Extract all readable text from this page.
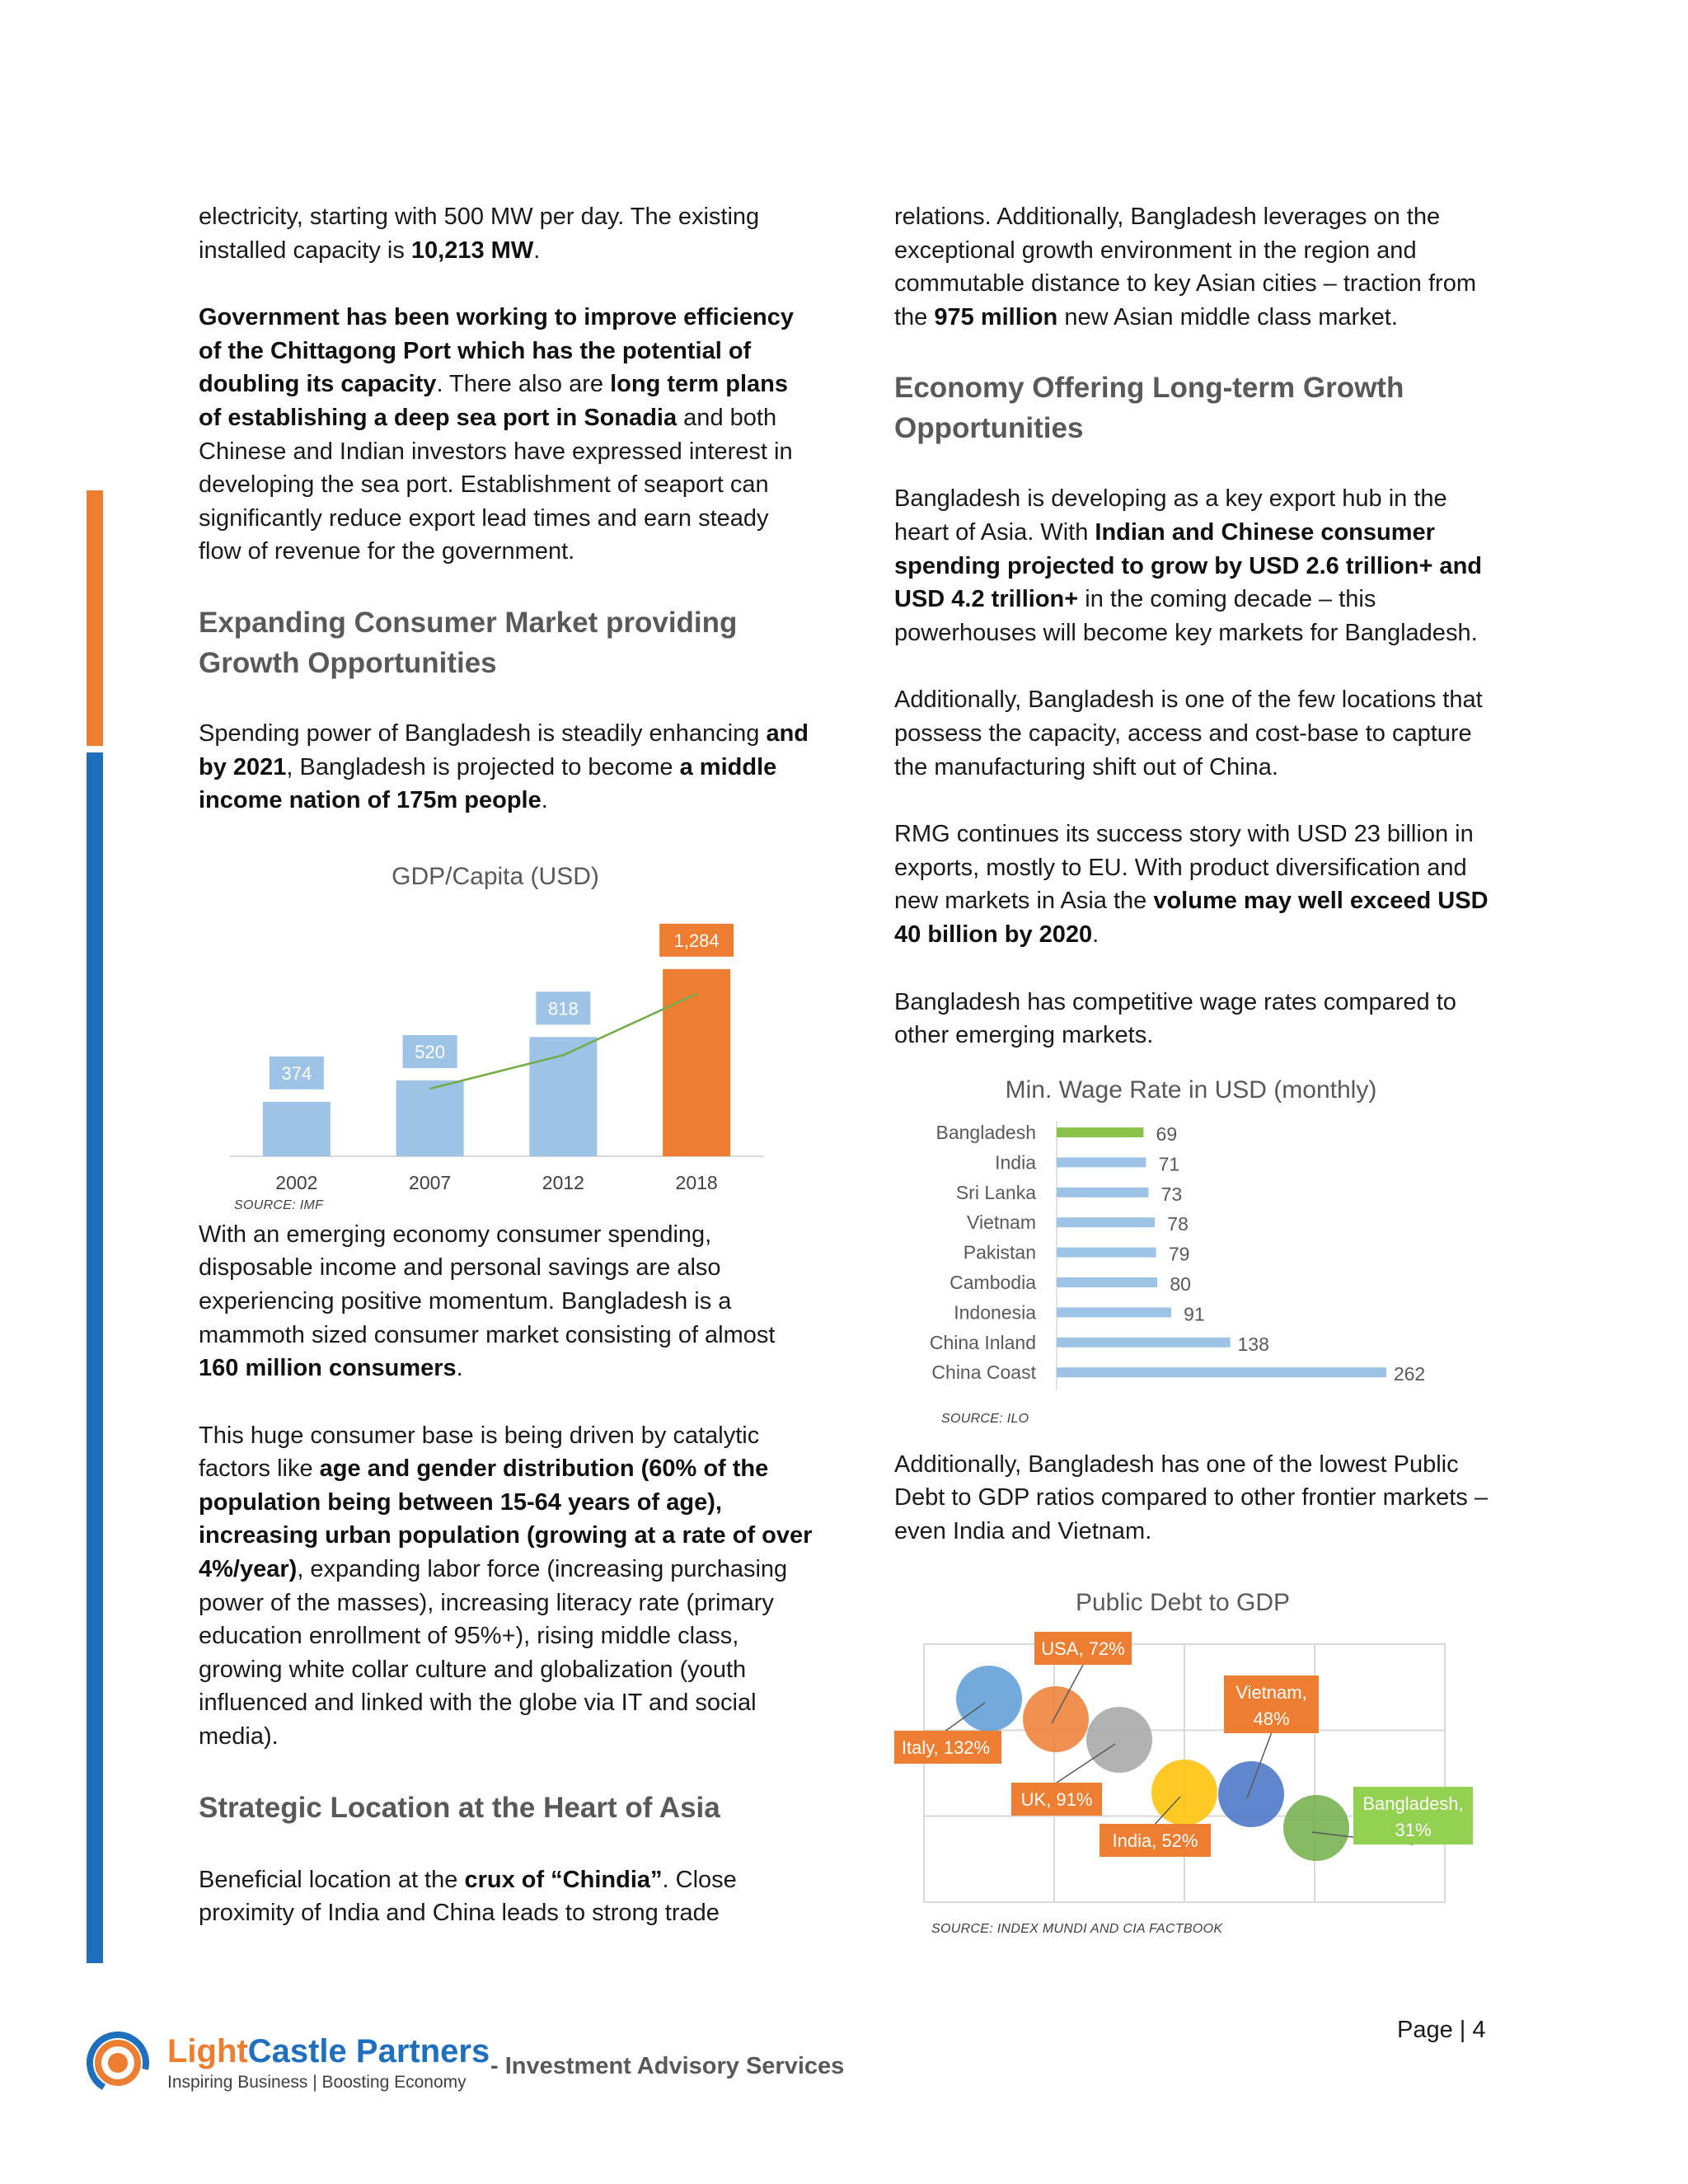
electricity, starting with 500 MW per day. The existing installed capacity is 10,213 MW.

Government has been working to improve efficiency of the Chittagong Port which has the potential of doubling its capacity. There also are long term plans of establishing a deep sea port in Sonadia and both Chinese and Indian investors have expressed interest in developing the sea port. Establishment of seaport can significantly reduce export lead times and earn steady flow of revenue for the government.

Expanding Consumer Market providing Growth Opportunities

Spending power of Bangladesh is steadily enhancing and by 2021, Bangladesh is projected to become a middle income nation of 175m people.

GDP/Capita (USD)
374
2002
520
2007
818
2012
1,284
2018
SOURCE: IMF

With an emerging economy consumer spending, disposable income and personal savings are also experiencing positive momentum. Bangladesh is a mammoth sized consumer market consisting of almost 160 million consumers.

This huge consumer base is being driven by catalytic factors like age and gender distribution (60% of the population being between 15-64 years of age), increasing urban population (growing at a rate of over 4%/year), expanding labor force (increasing purchasing power of the masses), increasing literacy rate (primary education enrollment of 95%+), rising middle class, growing white collar culture and globalization (youth influenced and linked with the globe via IT and social media).

Strategic Location at the Heart of Asia

Beneficial location at the crux of “Chindia”. Close proximity of India and China leads to strong trade

relations. Additionally, Bangladesh leverages on the exceptional growth environment in the region and commutable distance to key Asian cities – traction from the 975 million new Asian middle class market.

Economy Offering Long-term Growth Opportunities

Bangladesh is developing as a key export hub in the heart of Asia. With Indian and Chinese consumer spending projected to grow by USD 2.6 trillion+ and USD 4.2 trillion+ in the coming decade – this powerhouses will become key markets for Bangladesh.

Additionally, Bangladesh is one of the few locations that possess the capacity, access and cost-base to capture the manufacturing shift out of China.

RMG continues its success story with USD 23 billion in exports, mostly to EU. With product diversification and new markets in Asia the volume may well exceed USD 40 billion by 2020.

Bangladesh has competitive wage rates compared to other emerging markets.

Min. Wage Rate in USD (monthly)
Bangladesh	69
India	71
Sri Lanka	73
Vietnam	78
Pakistan	79
Cambodia	80
Indonesia	91
China Inland	138
China Coast	262
SOURCE: ILO

Additionally, Bangladesh has one of the lowest Public Debt to GDP ratios compared to other frontier markets – even India and Vietnam.

Public Debt to GDP
Italy, 132%
USA, 72%
UK, 91%
India, 52%
Vietnam,
48%
Bangladesh,
31%
SOURCE: INDEX MUNDI AND CIA FACTBOOK
LightCastle Partners
Inspiring Business | Boosting Economy
- Investment Advisory Services
Page | 4
